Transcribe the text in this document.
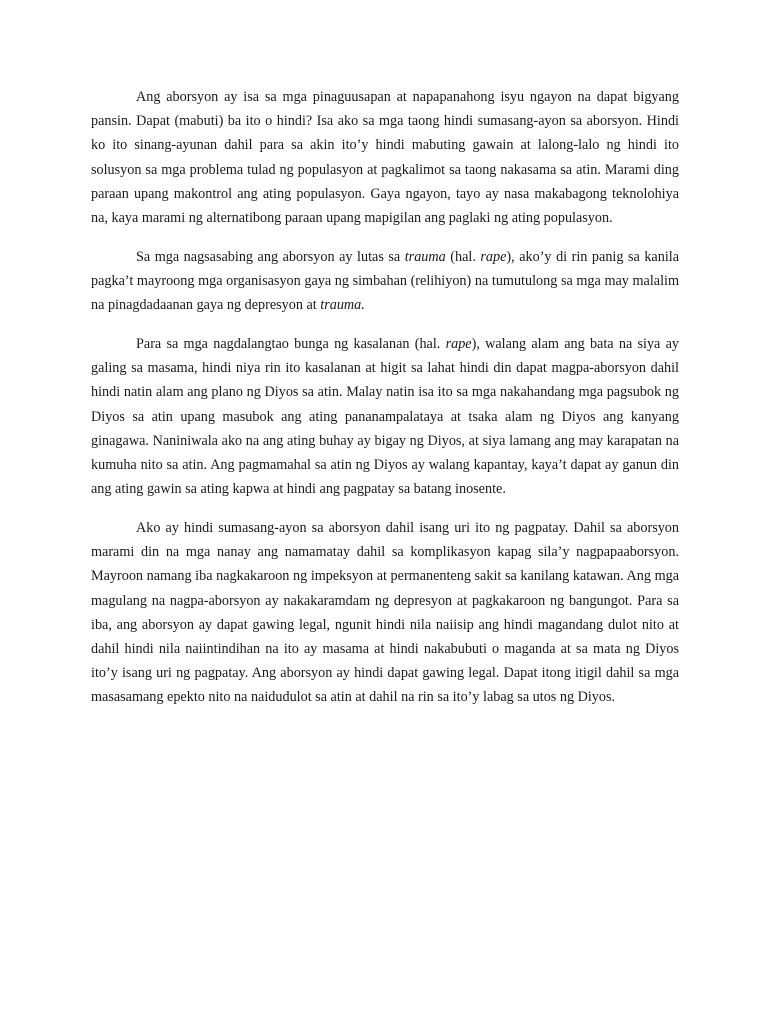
Ang aborsyon ay isa sa mga pinaguusapan at napapanahong isyu ngayon na dapat bigyang pansin. Dapat (mabuti) ba ito o hindi? Isa ako sa mga taong hindi sumasang-ayon sa aborsyon. Hindi ko ito sinang-ayunan dahil para sa akin ito’y hindi mabuting gawain at lalong-lalo ng hindi ito solusyon sa mga problema tulad ng populasyon at pagkalimot sa taong nakasama sa atin. Marami ding paraan upang makontrol ang ating populasyon. Gaya ngayon, tayo ay nasa makabagong teknolohiya na, kaya marami ng alternatibong paraan upang mapigilan ang paglaki ng ating populasyon.

Sa mga nagsasabing ang aborsyon ay lutas sa trauma (hal. rape), ako’y di rin panig sa kanila pagka’t mayroong mga organisasyon gaya ng simbahan (relihiyon) na tumutulong sa mga may malalim na pinagdadaanan gaya ng depresyon at trauma.

Para sa mga nagdalangtao bunga ng kasalanan (hal. rape), walang alam ang bata na siya ay galing sa masama, hindi niya rin ito kasalanan at higit sa lahat hindi din dapat magpa-aborsyon dahil hindi natin alam ang plano ng Diyos sa atin. Malay natin isa ito sa mga nakahandang mga pagsubok ng Diyos sa atin upang masubok ang ating pananampalataya at tsaka alam ng Diyos ang kanyang ginagawa. Naniniwala ako na ang ating buhay ay bigay ng Diyos, at siya lamang ang may karapatan na kumuha nito sa atin. Ang pagmamahal sa atin ng Diyos ay walang kapantay, kaya’t dapat ay ganun din ang ating gawin sa ating kapwa at hindi ang pagpatay sa batang inosente.

Ako ay hindi sumasang-ayon sa aborsyon dahil isang uri ito ng pagpatay. Dahil sa aborsyon marami din na mga nanay ang namamatay dahil sa komplikasyon kapag sila’y nagpapaaborsyon. Mayroon namang iba nagkakaroon ng impeksyon at permanenteng sakit sa kanilang katawan. Ang mga magulang na nagpa-aborsyon ay nakakaramdam ng depresyon at pagkakaroon ng bangungot. Para sa iba, ang aborsyon ay dapat gawing legal, ngunit hindi nila naiisip ang hindi magandang dulot nito at dahil hindi nila naiintindihan na ito ay masama at hindi nakabubuti o maganda at sa mata ng Diyos ito’y isang uri ng pagpatay. Ang aborsyon ay hindi dapat gawing legal. Dapat itong itigil dahil sa mga masasamang epekto nito na naidudulot sa atin at dahil na rin sa ito’y labag sa utos ng Diyos.
